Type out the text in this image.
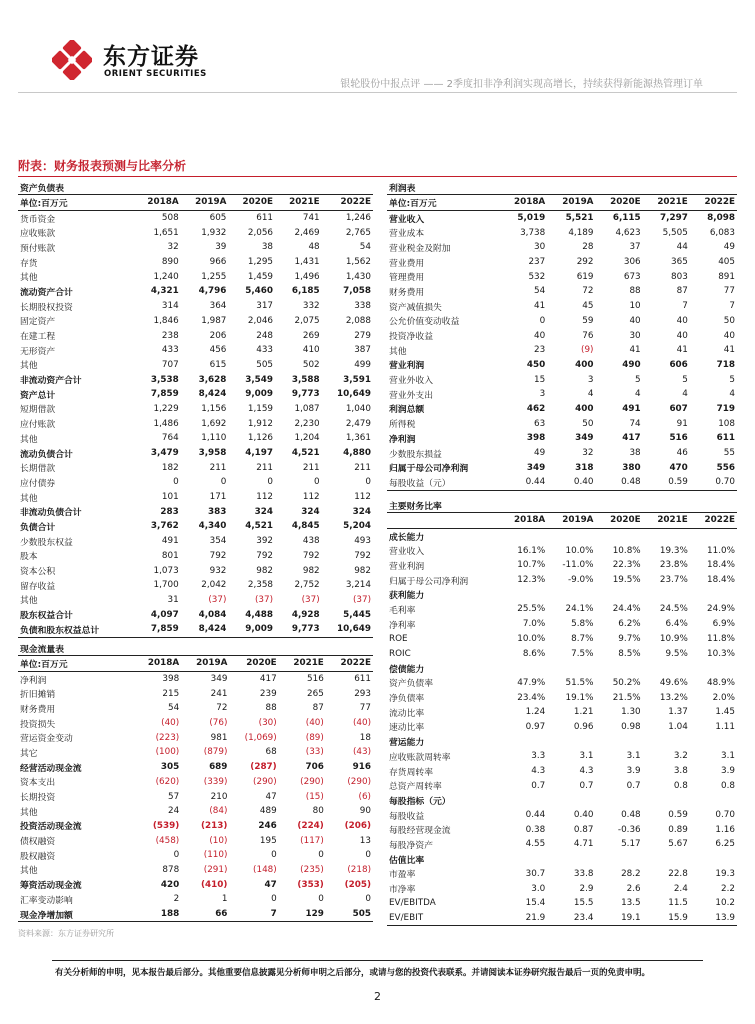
东方证券
ORIENT SECURITIES
银轮股份中报点评 —— 2季度扣非净利润实现高增长，持续获得新能源热管理订单
附表：财务报表预测与比率分析
资产负债表					
单位:百万元	2018A	2019A	2020E	2021E	2022E
货币资金	508	605	611	741	1,246
应收账款	1,651	1,932	2,056	2,469	2,765
预付账款	32	39	38	48	54
存货	890	966	1,295	1,431	1,562
其他	1,240	1,255	1,459	1,496	1,430
流动资产合计	4,321	4,796	5,460	6,185	7,058
长期股权投资	314	364	317	332	338
固定资产	1,846	1,987	2,046	2,075	2,088
在建工程	238	206	248	269	279
无形资产	433	456	433	410	387
其他	707	615	505	502	499
非流动资产合计	3,538	3,628	3,549	3,588	3,591
资产总计	7,859	8,424	9,009	9,773	10,649
短期借款	1,229	1,156	1,159	1,087	1,040
应付账款	1,486	1,692	1,912	2,230	2,479
其他	764	1,110	1,126	1,204	1,361
流动负债合计	3,479	3,958	4,197	4,521	4,880
长期借款	182	211	211	211	211
应付债券	0	0	0	0	0
其他	101	171	112	112	112
非流动负债合计	283	383	324	324	324
负债合计	3,762	4,340	4,521	4,845	5,204
少数股东权益	491	354	392	438	493
股本	801	792	792	792	792
资本公积	1,073	932	982	982	982
留存收益	1,700	2,042	2,358	2,752	3,214
其他	31	(37)	(37)	(37)	(37)
股东权益合计	4,097	4,084	4,488	4,928	5,445
负债和股东权益总计	7,859	8,424	9,009	9,773	10,649
现金流量表					
单位:百万元	2018A	2019A	2020E	2021E	2022E
净利润	398	349	417	516	611
折旧摊销	215	241	239	265	293
财务费用	54	72	88	87	77
投资损失	(40)	(76)	(30)	(40)	(40)
营运资金变动	(223)	981	(1,069)	(89)	18
其它	(100)	(879)	68	(33)	(43)
经营活动现金流	305	689	(287)	706	916
资本支出	(620)	(339)	(290)	(290)	(290)
长期投资	57	210	47	(15)	(6)
其他	24	(84)	489	80	90
投资活动现金流	(539)	(213)	246	(224)	(206)
债权融资	(458)	(10)	195	(117)	13
股权融资	0	(110)	0	0	0
其他	878	(291)	(148)	(235)	(218)
筹资活动现金流	420	(410)	47	(353)	(205)
汇率变动影响	2	1	0	0	0
现金净增加额	188	66	7	129	505
利润表					
单位:百万元	2018A	2019A	2020E	2021E	2022E
营业收入	5,019	5,521	6,115	7,297	8,098
营业成本	3,738	4,189	4,623	5,505	6,083
营业税金及附加	30	28	37	44	49
营业费用	237	292	306	365	405
管理费用	532	619	673	803	891
财务费用	54	72	88	87	77
资产减值损失	41	45	10	7	7
公允价值变动收益	0	59	40	40	50
投资净收益	40	76	30	40	40
其他	23	(9)	41	41	41
营业利润	450	400	490	606	718
营业外收入	15	3	5	5	5
营业外支出	3	4	4	4	4
利润总额	462	400	491	607	719
所得税	63	50	74	91	108
净利润	398	349	417	516	611
少数股东损益	49	32	38	46	55
归属于母公司净利润	349	318	380	470	556
每股收益（元）	0.44	0.40	0.48	0.59	0.70
主要财务比率					
	2018A	2019A	2020E	2021E	2022E
成长能力					
营业收入	16.1%	10.0%	10.8%	19.3%	11.0%
营业利润	10.7%	-11.0%	22.3%	23.8%	18.4%
归属于母公司净利润	12.3%	-9.0%	19.5%	23.7%	18.4%
获利能力					
毛利率	25.5%	24.1%	24.4%	24.5%	24.9%
净利率	7.0%	5.8%	6.2%	6.4%	6.9%
ROE	10.0%	8.7%	9.7%	10.9%	11.8%
ROIC	8.6%	7.5%	8.5%	9.5%	10.3%
偿债能力					
资产负债率	47.9%	51.5%	50.2%	49.6%	48.9%
净负债率	23.4%	19.1%	21.5%	13.2%	2.0%
流动比率	1.24	1.21	1.30	1.37	1.45
速动比率	0.97	0.96	0.98	1.04	1.11
营运能力					
应收账款周转率	3.3	3.1	3.1	3.2	3.1
存货周转率	4.3	4.3	3.9	3.8	3.9
总资产周转率	0.7	0.7	0.7	0.8	0.8
每股指标（元）					
每股收益	0.44	0.40	0.48	0.59	0.70
每股经营现金流	0.38	0.87	-0.36	0.89	1.16
每股净资产	4.55	4.71	5.17	5.67	6.25
估值比率					
市盈率	30.7	33.8	28.2	22.8	19.3
市净率	3.0	2.9	2.6	2.4	2.2
EV/EBITDA	15.4	15.5	13.5	11.5	10.2
EV/EBIT	21.9	23.4	19.1	15.9	13.9
资料来源：东方证券研究所
有关分析师的申明，见本报告最后部分。其他重要信息披露见分析师申明之后部分，或请与您的投资代表联系。并请阅读本证券研究报告最后一页的免责申明。
2
